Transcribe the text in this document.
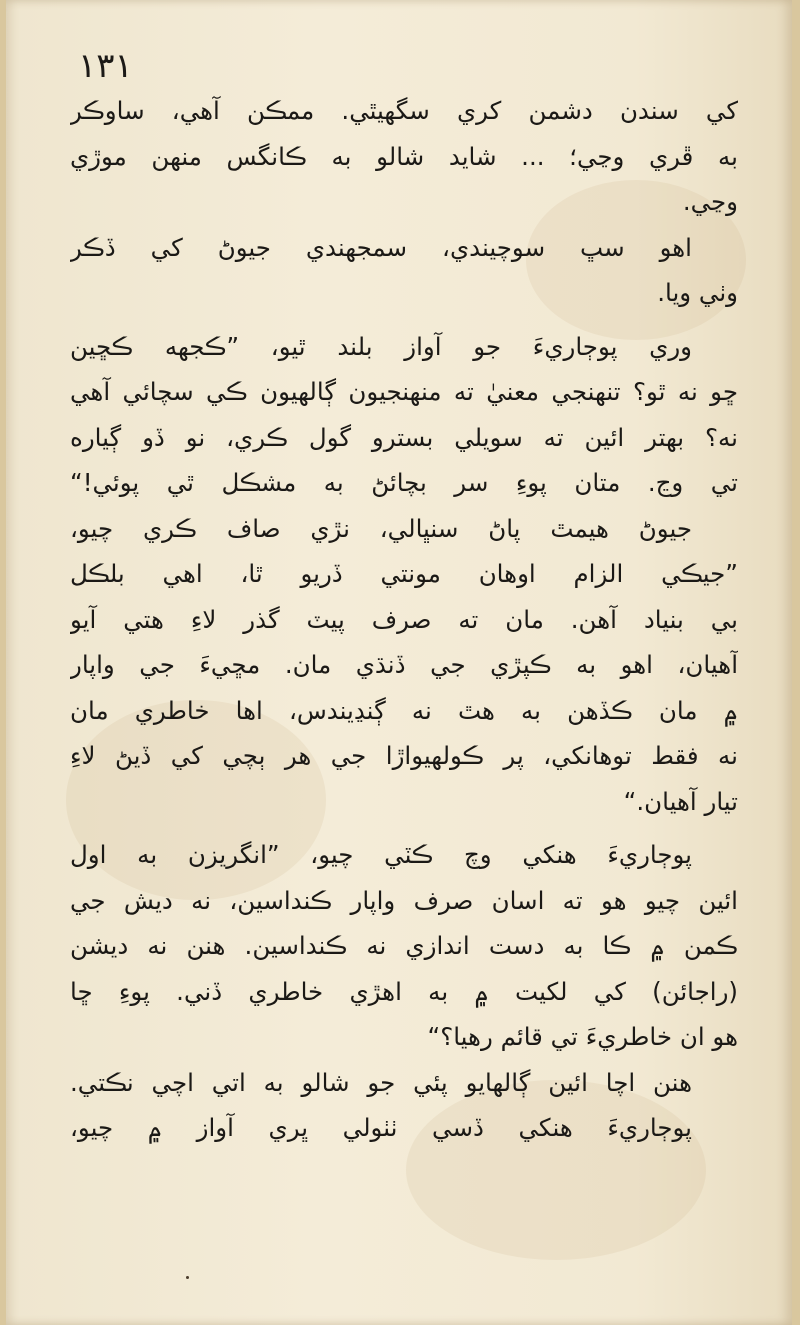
۱۳۱
کي سندن دشمن کري سگهيٿي. ممڪن آهي، ساوڪر
به ڦري وڃي؛ ... شايد شالو به ڪانگس منهن موڙي
وڃي.
اهو سڀ سوچيندي، سمجهندي جيوڻ کي ڏڪر
وٺي ويا.
وري پوڄاريءَ جو آواز بلند ٿيو، ”ڪجهه ڪڇين
ڇو نه ٿو؟ تنهنجي معنيٰ ته منهنجيون ڳالهيون ڪي سچائي آهي
نه؟ بهتر ائين ته سويلي بسترو گول ڪري، نو ڏو ڳياره
تي وڃ. متان پوءِ سر بچائڻ به مشڪل ٿي پوئي!“
جيوڻ هيمٿ پاڻ سنڀالي، نڙي صاف ڪري چيو،
”جيڪي الزام اوهان مونتي ڏريو ٿا، اهي بلڪل
بي بنياد آهن. مان ته صرف پيٽ گذر لاءِ هتي آيو
آهيان، اهو به ڪپڙي جي ڏنڌي مان. مڇيءَ جي واپار
۾ مان ڪڏهن به هٿ نه ڳنڍيندس، اها خاطري مان
نه فقط توهانکي، پر ڪولهيواڙا جي هر ٻچي کي ڏيڻ لاءِ
تيار آهيان.“
پوڄاريءَ هنکي وچ ڪٽي چيو، ”انگريزن به اول
ائين چيو هو ته اسان صرف واپار ڪنداسين، نه ديش جي
ڪمن ۾ ڪا به دست اندازي نه ڪنداسين. هنن نه ديشن
(راجائن) کي لکيت ۾ به اهڙي خاطري ڏني. پوءِ ڇا
هو ان خاطريءَ تي قائم رهيا؟“
هنن اچا ائين ڳالهايو پئي جو شالو به اتي اچي نڪتي.
پوڄاريءَ هنکي ڏسي ٺٺولي ڀري آواز ۾ چيو،
